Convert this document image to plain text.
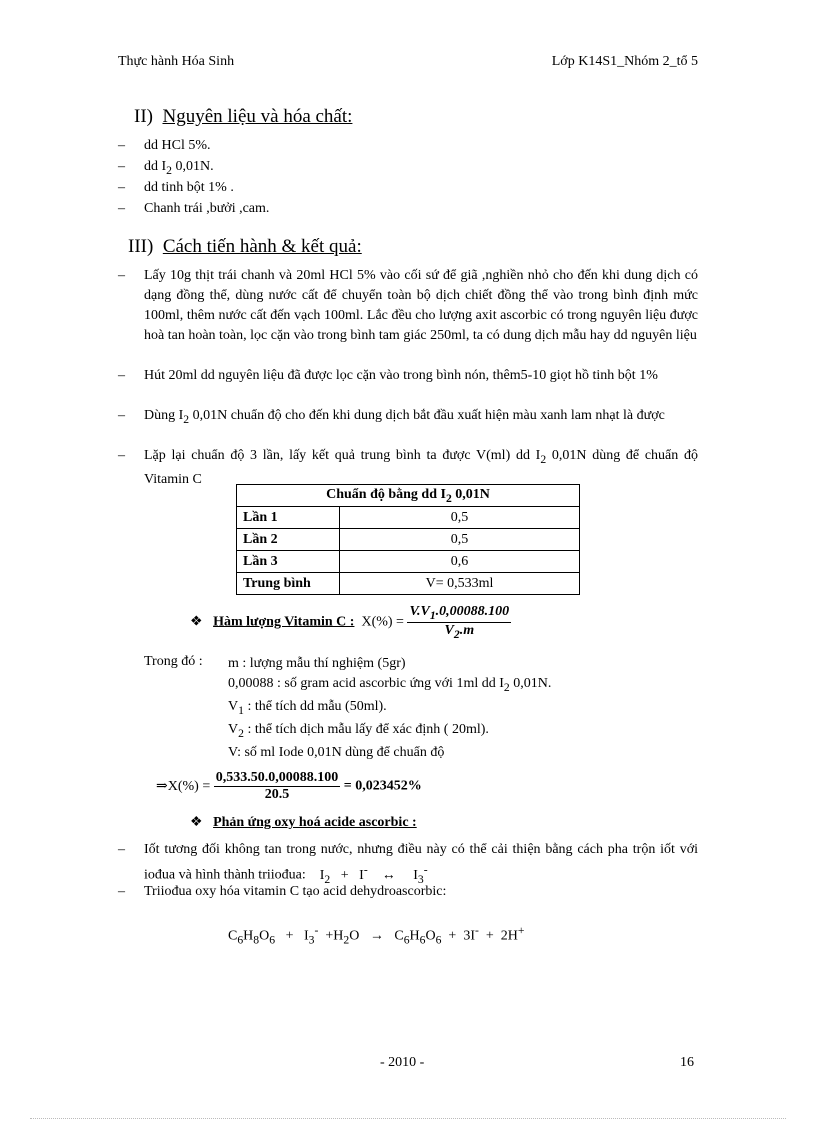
Thực hành Hóa Sinh	Lớp K14S1_Nhóm 2_tổ 5
II) Nguyên liệu và hóa chất:
– dd HCl 5%.
– dd $I_2$ 0,01N.
– dd tinh bột 1% .
– Chanh trái ,bưởi ,cam.
III) Cách tiến hành & kết quả:
– Lấy 10g thịt trái chanh và 20ml HCl 5% vào cối sứ để giã ,nghiền nhỏ cho đến khi dung dịch có dạng đồng thể, dùng nước cất để chuyển toàn bộ dịch chiết đồng thể vào trong bình định mức 100ml, thêm nước cất đến vạch 100ml. Lắc đều cho lượng axit ascorbic có trong nguyên liệu được hoà tan hoàn toàn, lọc cặn vào trong bình tam giác 250ml, ta có dung dịch mẫu hay dd nguyên liệu
– Hút 20ml dd nguyên liệu đã được lọc cặn vào trong bình nón, thêm5-10 giọt hồ tinh bột 1%
– Dùng $I_2$ 0,01N chuẩn độ cho đến khi dung dịch bắt đầu xuất hiện màu xanh lam nhạt là được
– Lặp lại chuẩn độ 3 lần, lấy kết quả trung bình ta được V(ml) dd $I_2$ 0,01N dùng để chuẩn độ Vitamin C
Chuẩn độ bằng dd $I_2$ 0,01N	
Lần 1	0,5
Lần 2	0,5
Lần 3	0,6
Trung bình	V= 0,533ml
❖ Hàm lượng Vitamin C : $X(\%) = \frac{V.V_1.0,00088.100}{V_2.m}$
Trong đó : m : lượng mẫu thí nghiệm (5gr)
0,00088 : số gram acid ascorbic ứng với 1ml dd $I_2$ 0,01N.
$V_1$ : thể tích dd mẫu (50ml).
$V_2$ : thể tích dịch mẫu lấy để xác định ( 20ml).
V: số ml Iode 0,01N dùng để chuẩn độ
⇒X(%) = $\frac{0,533.50.0,00088.100}{20.5} = 0,023452\%$
❖ Phản ứng oxy hoá acide ascorbic :
– Iốt tương đối không tan trong nước, nhưng điều này có thể cải thiện bằng cách pha trộn iốt với iođua và hình thành triiođua: $I_2 + I^-$ ↔ $I_3^-$
– Triiođua oxy hóa vitamin C tạo acid dehydroascorbic:
$C_6H_8O_6 + I_3^- +H_2O \to C_6H_6O_6 + 3I^- + 2H^+$
- 2010 -	16
